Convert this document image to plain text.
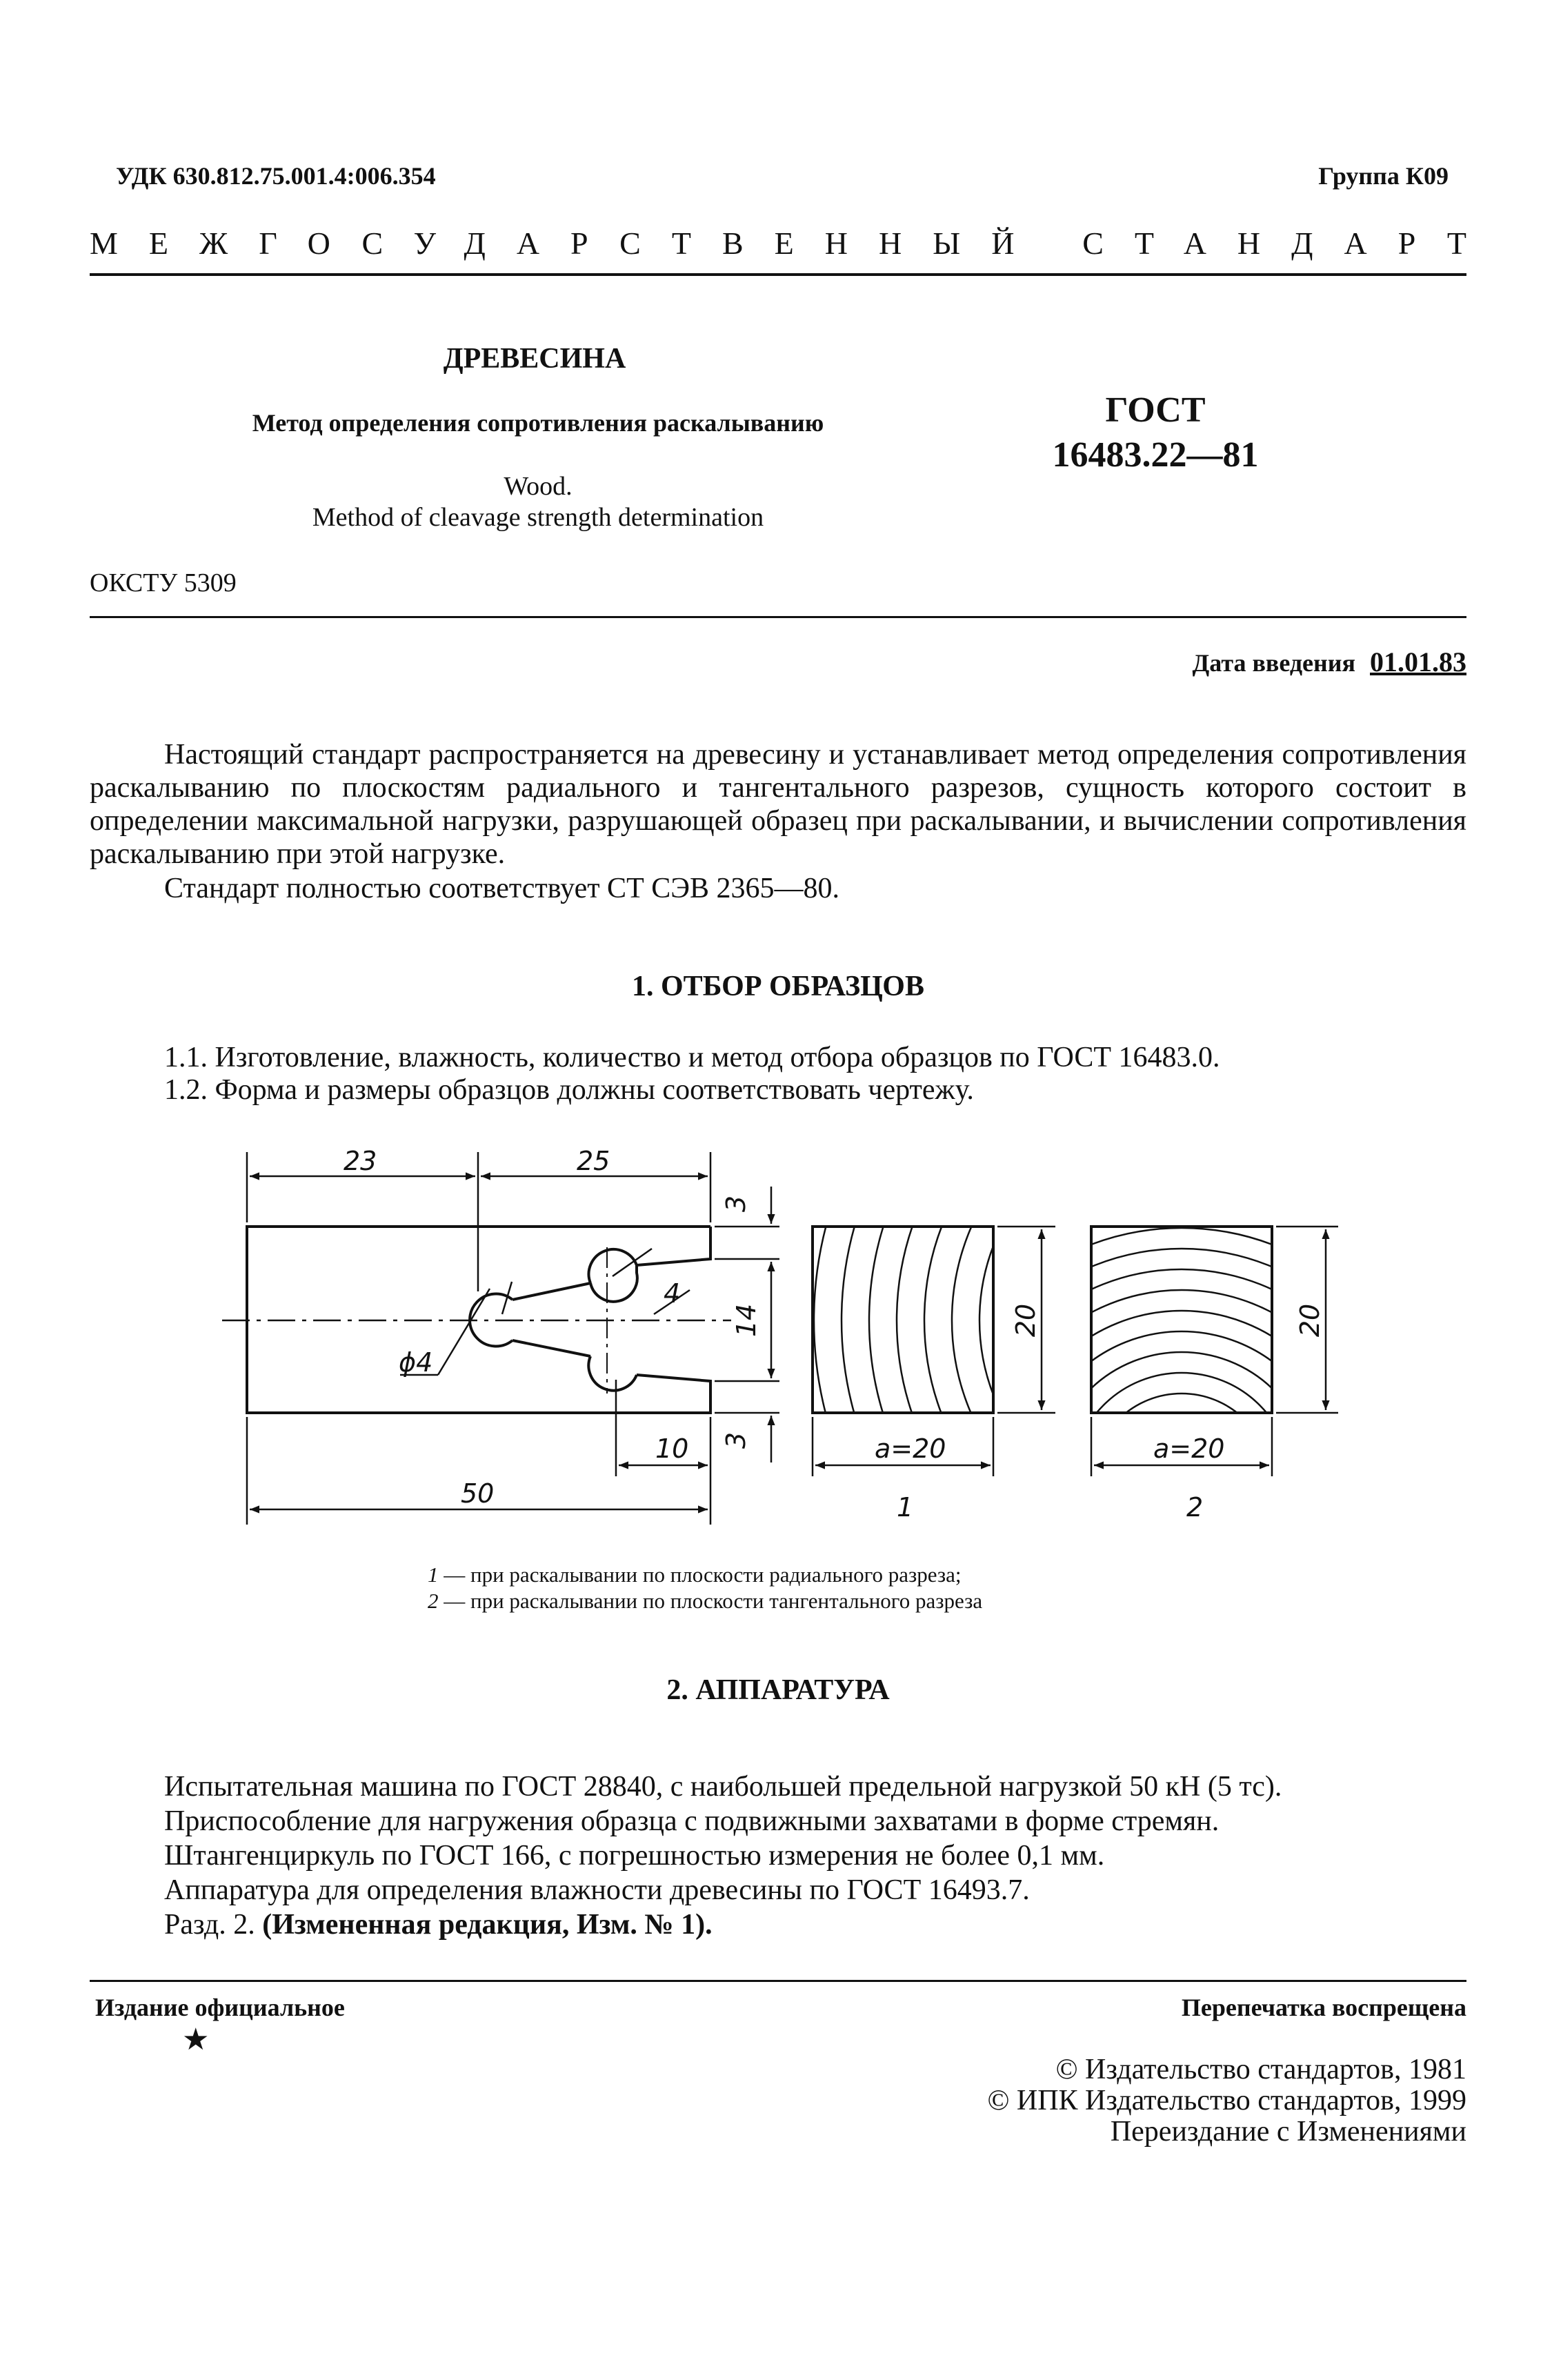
УДК 630.812.75.001.4:006.354	Группа К09
МЕЖГОСУДАРСТВЕННЫЙ СТАНДАРТ
ДРЕВЕСИНА
Метод определения сопротивления раскалыванию
Wood.
Method of cleavage strength determination
ГОСТ
16483.22—81
ОКСТУ 5309
Дата введения 01.01.83
Настоящий стандарт распространяется на древесину и устанавливает метод определения сопротивления раскалыванию по плоскостям радиального и тангентального разрезов, сущность которого состоит в определении максимальной нагрузки, разрушающей образец при раскалывании, и вычислении сопротивления раскалыванию при этой нагрузке.
Стандарт полностью соответствует СТ СЭВ 2365—80.
1. ОТБОР ОБРАЗЦОВ
1.1. Изготовление, влажность, количество и метод отбора образцов по ГОСТ 16483.0.
1.2. Форма и размеры образцов должны соответствовать чертежу.
23	25
10
50
ϕ4
4
a=20	a=20
1	2
3
14
3
20	20
1 — при раскалывании по плоскости радиального разреза;
2 — при раскалывании по плоскости тангентального разреза
2. АППАРАТУРА
Испытательная машина по ГОСТ 28840, с наибольшей предельной нагрузкой 50 кН (5 тс).
Приспособление для нагружения образца с подвижными захватами в форме стремян.
Штангенциркуль по ГОСТ 166, с погрешностью измерения не более 0,1 мм.
Аппаратура для определения влажности древесины по ГОСТ 16493.7.
Разд. 2. (Измененная редакция, Изм. № 1).
Издание официальное	Перепечатка воспрещена
★
© Издательство стандартов, 1981
© ИПК Издательство стандартов, 1999
Переиздание с Изменениями
